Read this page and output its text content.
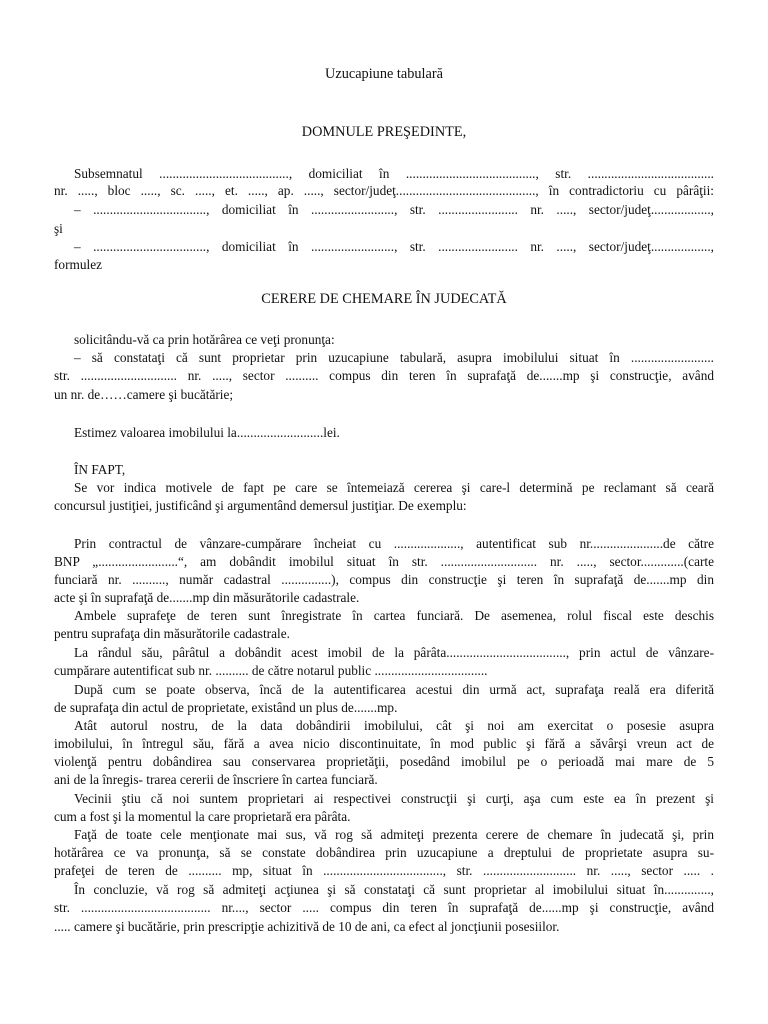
Uzucapiune tabulară
DOMNULE PREŞEDINTE,
Subsemnatul ......................................., domiciliat în ......................................., str. ......................................
nr. ....., bloc ....., sc. ....., et. ....., ap. ....., sector/judeţ.........................................., în contradictoriu cu pârâţii:
– .................................., domiciliat în ........................., str. ........................ nr. ....., sector/judeţ..................,
şi
– .................................., domiciliat în ........................., str. ........................ nr. ....., sector/judeţ..................,
formulez
CERERE DE CHEMARE ÎN JUDECATĂ
solicitându-vă ca prin hotărârea ce veţi pronunţa:
– să constataţi că sunt proprietar prin uzucapiune tabulară, asupra imobilului situat în .........................
str. ............................. nr. ....., sector .......... compus din teren în suprafaţă de.......mp şi construcţie, având
un nr. de……camere şi bucătărie;
Estimez valoarea imobilului la..........................lei.
ÎN FAPT,
Se vor indica motivele de fapt pe care se întemeiază cererea şi care-l determină pe reclamant să ceară
concursul justiţiei, justificând şi argumentând demersul justiţiar. De exemplu:
Prin contractul de vânzare-cumpărare încheiat cu ...................., autentificat sub nr......................de către
BNP „........................“, am dobândit imobilul situat în str. ............................. nr. ....., sector.............(carte
funciară nr. .........., număr cadastral ...............), compus din construcţie şi teren în suprafaţă de.......mp din
acte şi în suprafaţă de.......mp din măsurătorile cadastrale.
Ambele suprafeţe de teren sunt înregistrate în cartea funciară. De asemenea, rolul fiscal este deschis
pentru suprafaţa din măsurătorile cadastrale.
La rândul său, pârâtul a dobândit acest imobil de la pârâta...................................., prin actul de vânzare-
cumpărare autentificat sub nr. .......... de către notarul public ..................................
După cum se poate observa, încă de la autentificarea acestui din urmă act, suprafaţa reală era diferită
de suprafaţa din actul de proprietate, existând un plus de.......mp.
Atât autorul nostru, de la data dobândirii imobilului, cât şi noi am exercitat o posesie asupra
imobilului, în întregul său, fără a avea nicio discontinuitate, în mod public şi fără a săvârşi vreun act de
violenţă pentru dobândirea sau conservarea proprietăţii, posedând imobilul pe o perioadă mai mare de 5
ani de la înregis- trarea cererii de înscriere în cartea funciară.
Vecinii ştiu că noi suntem proprietari ai respectivei construcţii şi curţi, aşa cum este ea în prezent şi
cum a fost şi la momentul la care proprietară era pârâta.
Faţă de toate cele menţionate mai sus, vă rog să admiteţi prezenta cerere de chemare în judecată şi, prin
hotărârea ce va pronunţa, să se constate dobândirea prin uzucapiune a dreptului de proprietate asupra su-
prafeţei de teren de .......... mp, situat în ...................................., str. ............................ nr. ....., sector ..... .
În concluzie, vă rog să admiteţi acţiunea şi să constataţi că sunt proprietar al imobilului situat în..............,
str. ....................................... nr...., sector ..... compus din teren în suprafaţă de......mp şi construcţie, având
..... camere şi bucătărie, prin prescripţie achizitivă de 10 de ani, ca efect al joncţiunii posesiilor.
